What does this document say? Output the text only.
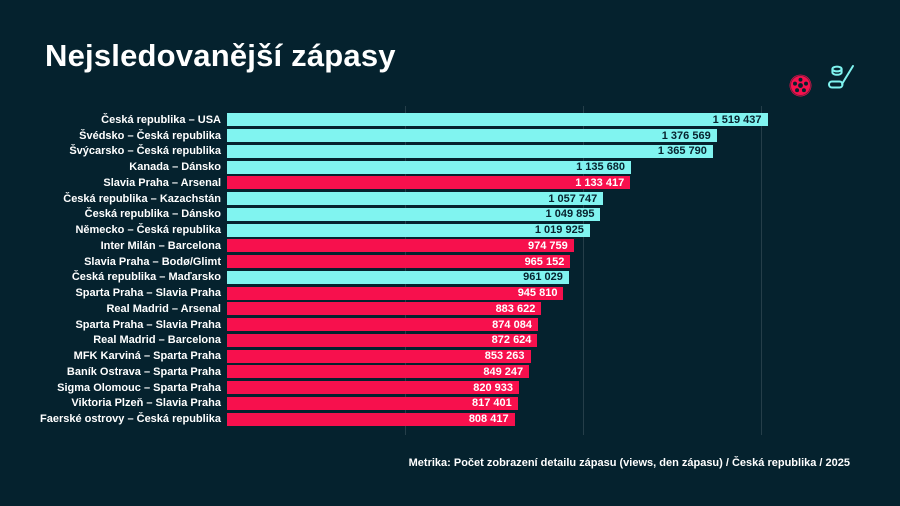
Nejsledovanější zápasy
Česká republika – USA	1 519 437
Švédsko – Česká republika	1 376 569
Švýcarsko – Česká republika	1 365 790
Kanada – Dánsko	1 135 680
Slavia Praha – Arsenal	1 133 417
Česká republika – Kazachstán	1 057 747
Česká republika – Dánsko	1 049 895
Německo – Česká republika	1 019 925
Inter Milán – Barcelona	974 759
Slavia Praha – Bodø/Glimt	965 152
Česká republika – Maďarsko	961 029
Sparta Praha – Slavia Praha	945 810
Real Madrid – Arsenal	883 622
Sparta Praha – Slavia Praha	874 084
Real Madrid – Barcelona	872 624
MFK Karviná – Sparta Praha	853 263
Baník Ostrava – Sparta Praha	849 247
Sigma Olomouc – Sparta Praha	820 933
Viktoria Plzeň – Slavia Praha	817 401
Faerské ostrovy – Česká republika	808 417
Metrika: Počet zobrazení detailu zápasu (views, den zápasu) / Česká republika / 2025
